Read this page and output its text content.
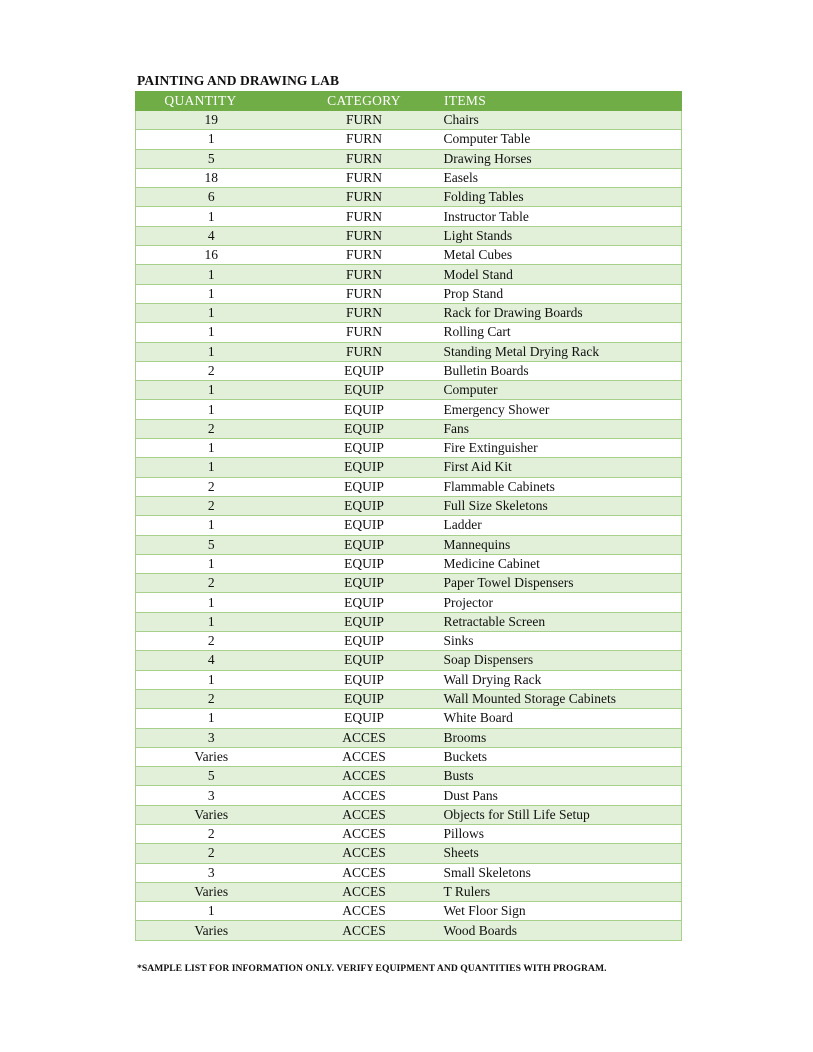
PAINTING AND DRAWING LAB
QUANTITY	CATEGORY	ITEMS
19	FURN	Chairs
1	FURN	Computer Table
5	FURN	Drawing Horses
18	FURN	Easels
6	FURN	Folding Tables
1	FURN	Instructor Table
4	FURN	Light Stands
16	FURN	Metal Cubes
1	FURN	Model Stand
1	FURN	Prop Stand
1	FURN	Rack for Drawing Boards
1	FURN	Rolling Cart
1	FURN	Standing Metal Drying Rack
2	EQUIP	Bulletin Boards
1	EQUIP	Computer
1	EQUIP	Emergency Shower
2	EQUIP	Fans
1	EQUIP	Fire Extinguisher
1	EQUIP	First Aid Kit
2	EQUIP	Flammable Cabinets
2	EQUIP	Full Size Skeletons
1	EQUIP	Ladder
5	EQUIP	Mannequins
1	EQUIP	Medicine Cabinet
2	EQUIP	Paper Towel Dispensers
1	EQUIP	Projector
1	EQUIP	Retractable Screen
2	EQUIP	Sinks
4	EQUIP	Soap Dispensers
1	EQUIP	Wall Drying Rack
2	EQUIP	Wall Mounted Storage Cabinets
1	EQUIP	White Board
3	ACCES	Brooms
Varies	ACCES	Buckets
5	ACCES	Busts
3	ACCES	Dust Pans
Varies	ACCES	Objects for Still Life Setup
2	ACCES	Pillows
2	ACCES	Sheets
3	ACCES	Small Skeletons
Varies	ACCES	T Rulers
1	ACCES	Wet Floor Sign
Varies	ACCES	Wood Boards
*SAMPLE LIST FOR INFORMATION ONLY. VERIFY EQUIPMENT AND QUANTITIES WITH PROGRAM.
